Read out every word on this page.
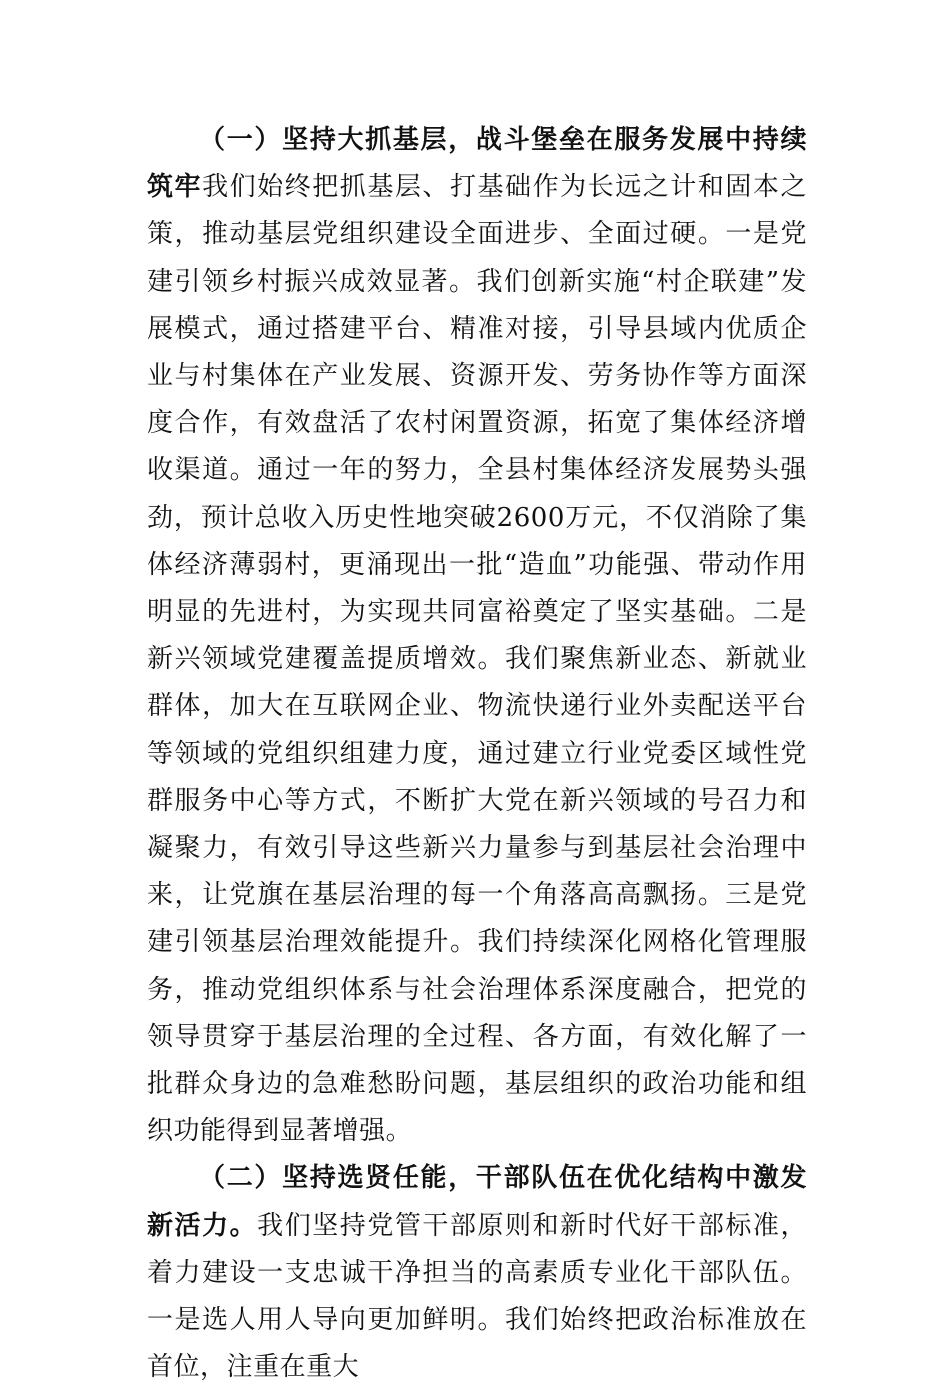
（一）坚持大抓基层，战斗堡垒在服务发展中持续筑牢我们始终把抓基层、打基础作为长远之计和固本之策，推动基层党组织建设全面进步、全面过硬。一是党建引领乡村振兴成效显著。我们创新实施“村企联建”发展模式，通过搭建平台、精准对接，引导县域内优质企业与村集体在产业发展、资源开发、劳务协作等方面深度合作，有效盘活了农村闲置资源，拓宽了集体经济增收渠道。通过一年的努力，全县村集体经济发展势头强劲，预计总收入历史性地突破2600万元，不仅消除了集体经济薄弱村，更涌现出一批“造血”功能强、带动作用明显的先进村，为实现共同富裕奠定了坚实基础。二是新兴领域党建覆盖提质增效。我们聚焦新业态、新就业群体，加大在互联网企业、物流快递行业外卖配送平台等领域的党组织组建力度，通过建立行业党委区域性党群服务中心等方式，不断扩大党在新兴领域的号召力和凝聚力，有效引导这些新兴力量参与到基层社会治理中来，让党旗在基层治理的每一个角落高高飘扬。三是党建引领基层治理效能提升。我们持续深化网格化管理服务，推动党组织体系与社会治理体系深度融合，把党的领导贯穿于基层治理的全过程、各方面，有效化解了一批群众身边的急难愁盼问题，基层组织的政治功能和组织功能得到显著增强。

（二）坚持选贤任能，干部队伍在优化结构中激发新活力。我们坚持党管干部原则和新时代好干部标准，着力建设一支忠诚干净担当的高素质专业化干部队伍。一是选人用人导向更加鲜明。我们始终把政治标准放在首位，注重在重大
